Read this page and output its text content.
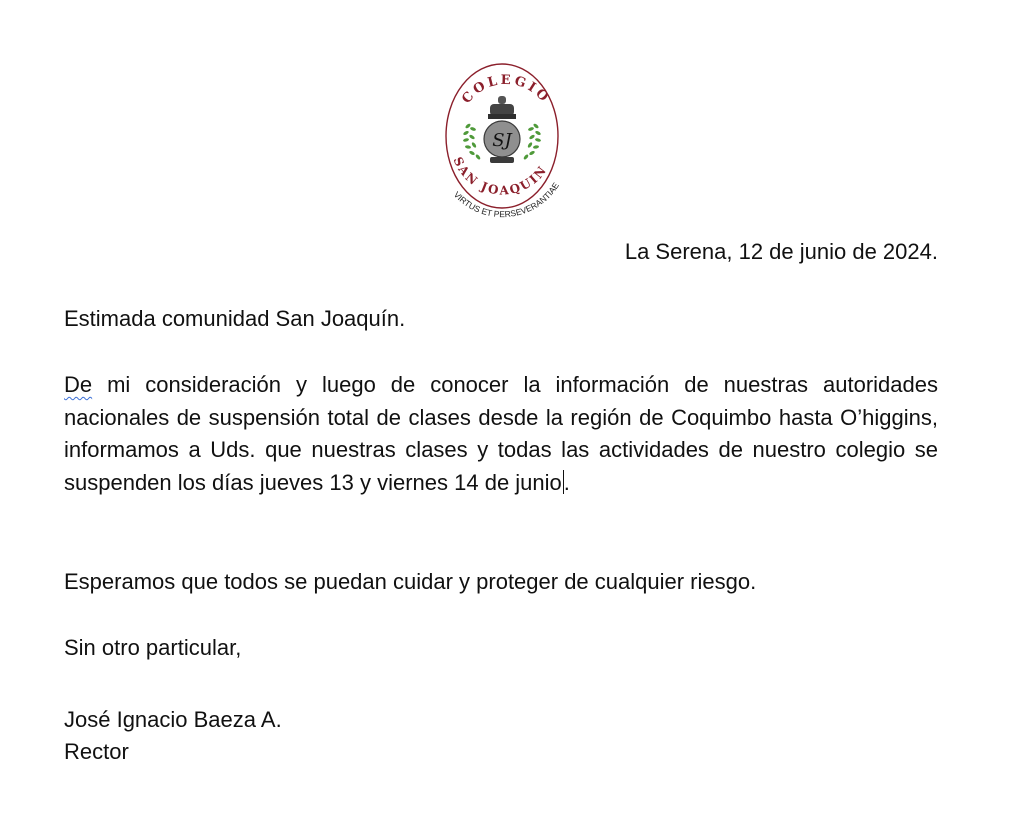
SJ
COLEGIO
SAN JOAQUIN
VIRTUS ET PERSEVERANTIAE

La Serena, 12 de junio de 2024.

Estimada comunidad San Joaquín.

De mi consideración y luego de conocer la información de nuestras autoridades nacionales de suspensión total de clases desde la región de Coquimbo hasta O’higgins, informamos a Uds. que nuestras clases y todas las actividades de nuestro colegio se suspenden los días jueves 13 y viernes 14 de junio.

Esperamos que todos se puedan cuidar y proteger de cualquier riesgo.

Sin otro particular,

José Ignacio Baeza A.
Rector
